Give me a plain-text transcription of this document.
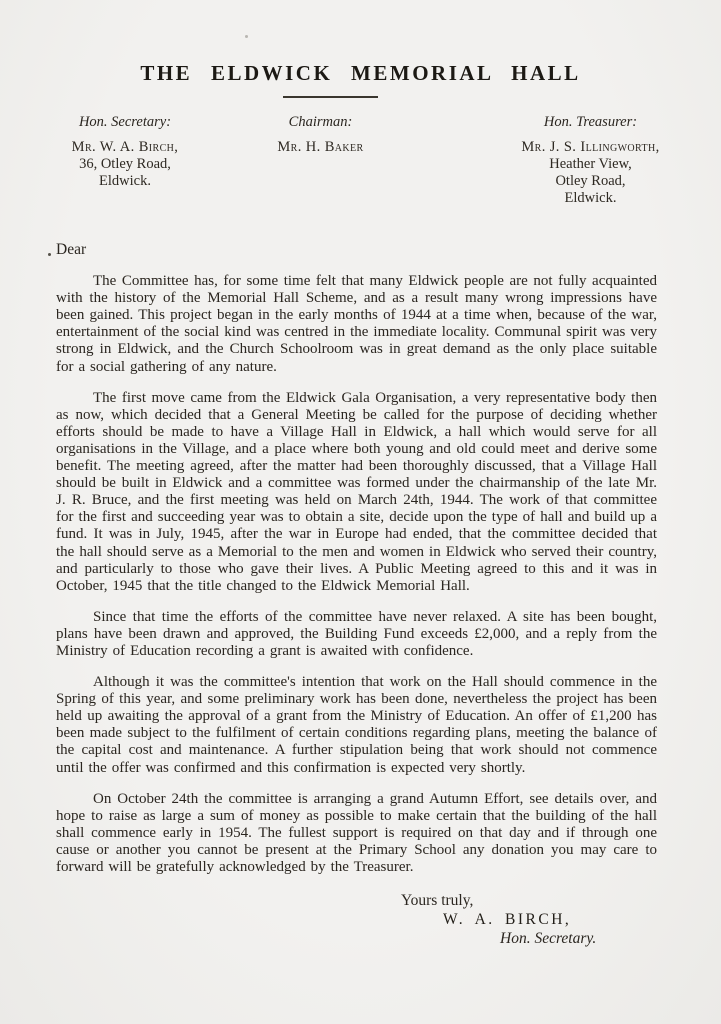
THE ELDWICK MEMORIAL HALL
Hon. Secretary:
Mr. W. A. Birch,
36, Otley Road,
Eldwick.
Chairman:
Mr. H. Baker
Hon. Treasurer:
Mr. J. S. Illingworth,
Heather View,
Otley Road,
Eldwick.
Dear

The Committee has, for some time felt that many Eldwick people are not fully acquainted with the history of the Memorial Hall Scheme, and as a result many wrong impressions have been gained. This project began in the early months of 1944 at a time when, because of the war, entertainment of the social kind was centred in the immediate locality. Communal spirit was very strong in Eldwick, and the Church Schoolroom was in great demand as the only place suitable for a social gathering of any nature.

The first move came from the Eldwick Gala Organisation, a very representative body then as now, which decided that a General Meeting be called for the purpose of deciding whether efforts should be made to have a Village Hall in Eldwick, a hall which would serve for all organisations in the Village, and a place where both young and old could meet and derive some benefit. The meeting agreed, after the matter had been thoroughly discussed, that a Village Hall should be built in Eldwick and a committee was formed under the chairmanship of the late Mr. J. R. Bruce, and the first meeting was held on March 24th, 1944. The work of that committee for the first and succeeding year was to obtain a site, decide upon the type of hall and build up a fund. It was in July, 1945, after the war in Europe had ended, that the committee decided that the hall should serve as a Memorial to the men and women in Eldwick who served their country, and particularly to those who gave their lives. A Public Meeting agreed to this and it was in October, 1945 that the title changed to the Eldwick Memorial Hall.

Since that time the efforts of the committee have never relaxed. A site has been bought, plans have been drawn and approved, the Building Fund exceeds £2,000, and a reply from the Ministry of Education recording a grant is awaited with confidence.

Although it was the committee's intention that work on the Hall should commence in the Spring of this year, and some preliminary work has been done, nevertheless the project has been held up awaiting the approval of a grant from the Ministry of Education. An offer of £1,200 has been made subject to the fulfilment of certain conditions regarding plans, meeting the balance of the capital cost and maintenance. A further stipulation being that work should not commence until the offer was confirmed and this confirmation is expected very shortly.

On October 24th the committee is arranging a grand Autumn Effort, see details over, and hope to raise as large a sum of money as possible to make certain that the building of the hall shall commence early in 1954. The fullest support is required on that day and if through one cause or another you cannot be present at the Primary School any donation you may care to forward will be gratefully acknowledged by the Treasurer.

Yours truly,
W. A. BIRCH,
Hon. Secretary.
